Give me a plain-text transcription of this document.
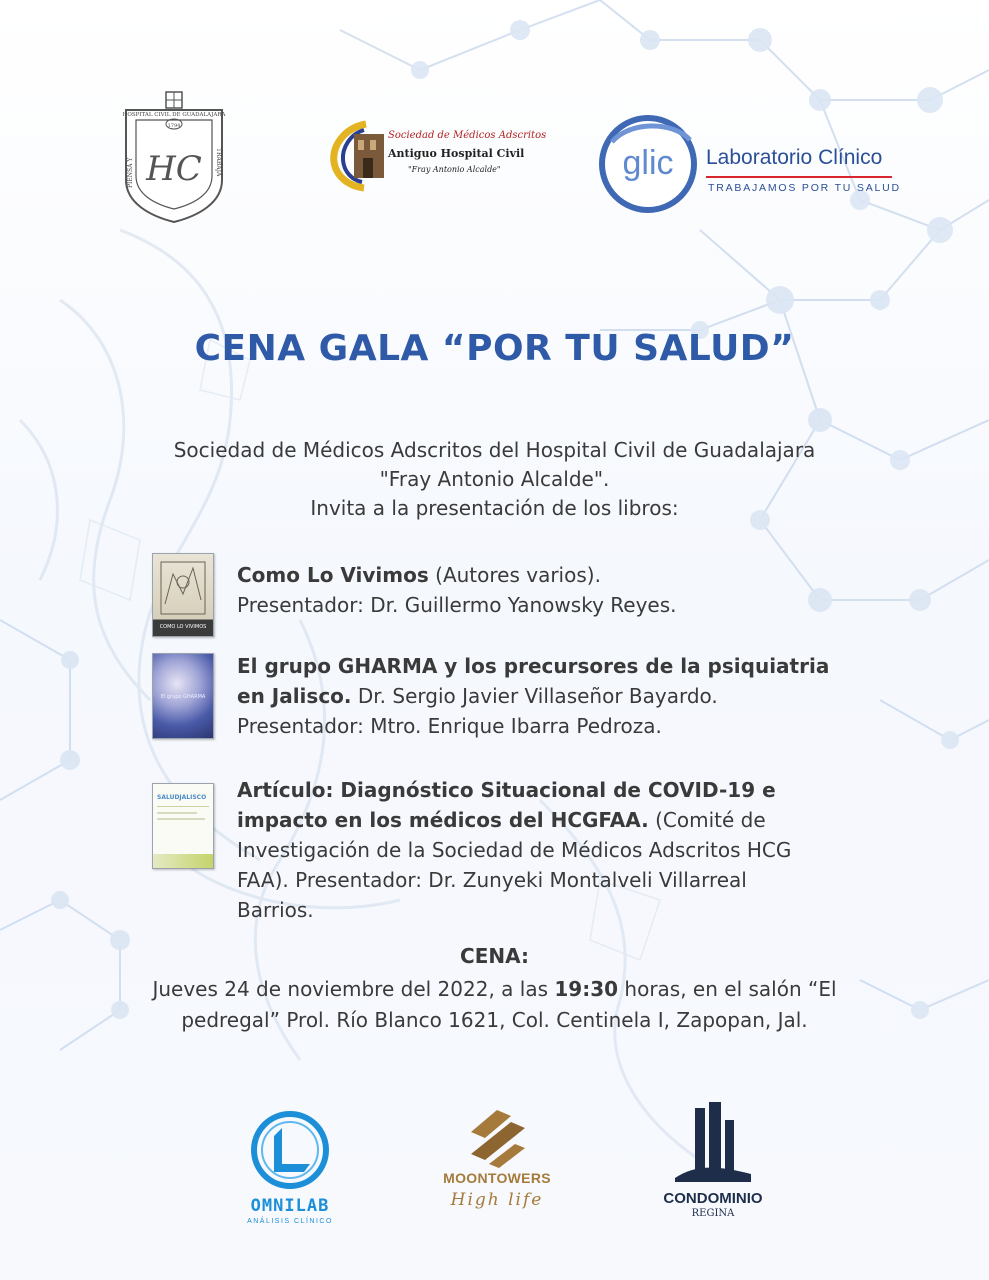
HOSPITAL CIVIL DE GUADALAJARA
1794
HC
PIENSA Y	TRABAJA
Sociedad de Médicos Adscritos
Antiguo Hospital Civil
"Fray Antonio Alcalde"	glic Laboratorio Clínico
TRABAJAMOS POR TU SALUD
CENA GALA “POR TU SALUD”
Sociedad de Médicos Adscritos del Hospital Civil de Guadalajara
"Fray Antonio Alcalde".
Invita a la presentación de los libros:
COMO LO VIVIMOS
Como Lo Vivimos (Autores varios).
Presentador: Dr. Guillermo Yanowsky Reyes.
El grupo GHARMA
El grupo GHARMA y los precursores de la psiquiatria
en Jalisco. Dr. Sergio Javier Villaseñor Bayardo.
Presentador: Mtro. Enrique Ibarra Pedroza.
SALUDJALISCO Artículo: Diagnóstico Situacional de COVID-19 e
impacto en los médicos del HCGFAA. (Comité de
Investigación de la Sociedad de Médicos Adscritos HCG
FAA). Presentador: Dr. Zunyeki Montalveli Villarreal
Barrios.
CENA:
Jueves 24 de noviembre del 2022, a las 19:30 horas, en el salón “El
pedregal” Prol. Río Blanco 1621, Col. Centinela I, Zapopan, Jal.
OMNILAB
ANÁLISIS CLÍNICO
MOONTOWERS
High life	CONDOMINIO
REGINA
